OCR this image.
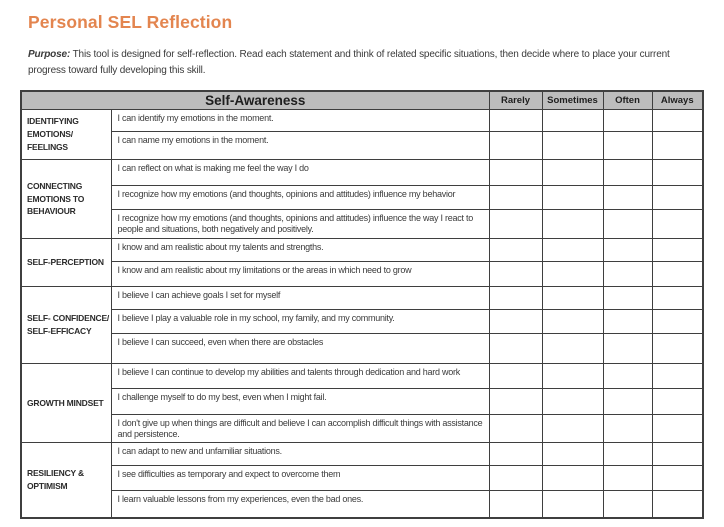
Personal SEL Reflection

Purpose: This tool is designed for self-reflection. Read each statement and think of related specific situations, then decide where to place your current progress toward fully developing this skill.

Self-Awareness		Rarely	Sometimes	Often	Always
IDENTIFYING EMOTIONS/ FEELINGS	I can identify my emotions in the moment.				
	I can name my emotions in the moment.				
CONNECTING EMOTIONS TO BEHAVIOUR	I can reflect on what is making me feel the way I do				
	I recognize how my emotions (and thoughts, opinions and attitudes) influence my behavior				
	I recognize how my emotions (and thoughts, opinions and attitudes) influence the way I react to people and situations, both negatively and positively.				
SELF-PERCEPTION	I know and am realistic about my talents and strengths.				
	I know and am realistic about my limitations or the areas in which need to grow				
SELF- CONFIDENCE/ SELF-EFFICACY	I believe I can achieve goals I set for myself				
	I believe I play a valuable role in my school, my family, and my community.				
	I believe I can succeed, even when there are obstacles				
GROWTH MINDSET	I believe I can continue to develop my abilities and talents through dedication and hard work				
	I challenge myself to do my best, even when I might fail.				
	I don't give up when things are difficult and believe I can accomplish difficult things with assistance and persistence.				
RESILIENCY & OPTIMISM	I can adapt to new and unfamiliar situations.				
	I see difficulties as temporary and expect to overcome them				
	I learn valuable lessons from my experiences, even the bad ones.				
